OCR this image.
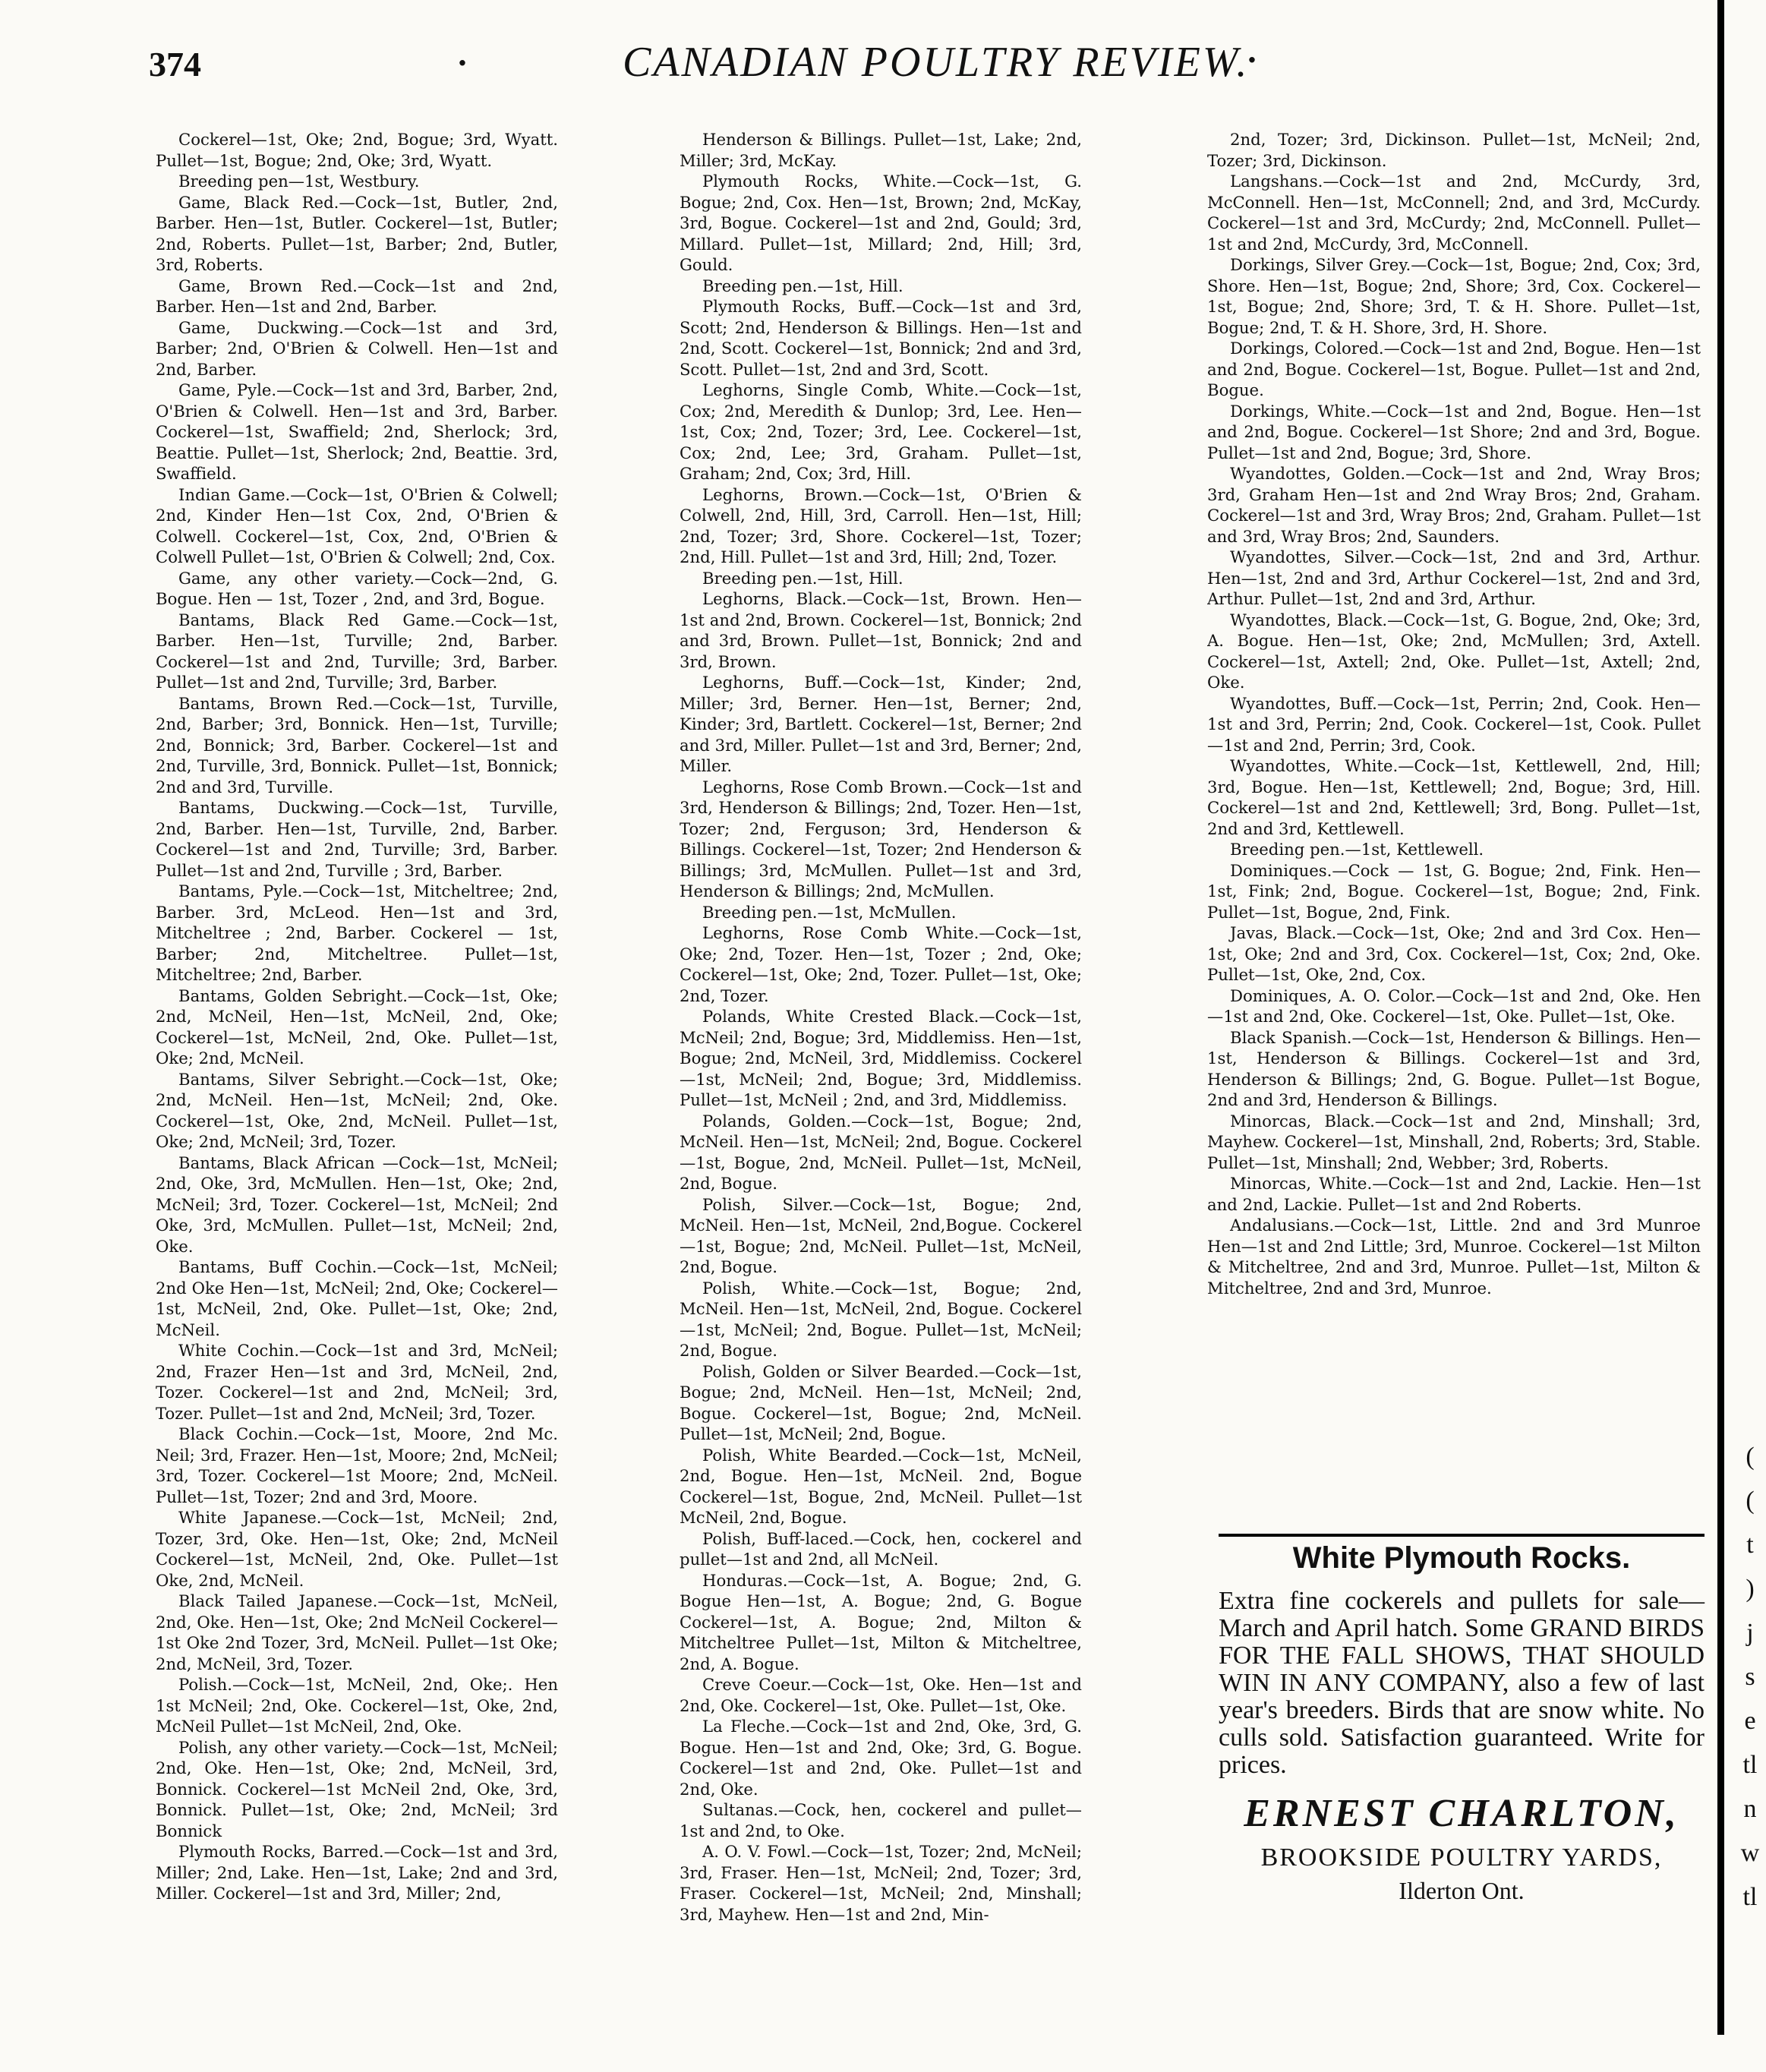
374	·	CANADIAN POULTRY REVIEW.
·

Cockerel—1st, Oke; 2nd, Bogue; 3rd, Wyatt. Pullet—1st, Bogue; 2nd, Oke; 3rd, Wyatt.

Breeding pen—1st, Westbury.

Game, Black Red.—Cock—1st, Butler, 2nd, Barber. Hen—1st, Butler. Cockerel—1st, Butler; 2nd, Roberts. Pullet—1st, Barber; 2nd, Butler, 3rd, Roberts.

Game, Brown Red.—Cock—1st and 2nd, Barber. Hen—1st and 2nd, Barber.

Game, Duckwing.—Cock—1st and 3rd, Barber; 2nd, O'Brien & Colwell. Hen—1st and 2nd, Barber.

Game, Pyle.—Cock—1st and 3rd, Barber, 2nd, O'Brien & Colwell. Hen—1st and 3rd, Barber. Cockerel—1st, Swaffield; 2nd, Sherlock; 3rd, Beattie. Pullet—1st, Sherlock; 2nd, Beattie. 3rd, Swaffield.

Indian Game.—Cock—1st, O'Brien & Colwell; 2nd, Kinder Hen—1st Cox, 2nd, O'Brien & Colwell. Cockerel—1st, Cox, 2nd, O'Brien & Colwell Pullet—1st, O'Brien & Colwell; 2nd, Cox.

Game, any other variety.—Cock—2nd, G. Bogue. Hen — 1st, Tozer , 2nd, and 3rd, Bogue.

Bantams, Black Red Game.—Cock—1st, Barber. Hen—1st, Turville; 2nd, Barber. Cockerel—1st and 2nd, Turville; 3rd, Barber. Pullet—1st and 2nd, Turville; 3rd, Barber.

Bantams, Brown Red.—Cock—1st, Turville, 2nd, Barber; 3rd, Bonnick. Hen—1st, Turville; 2nd, Bonnick; 3rd, Barber. Cockerel—1st and 2nd, Turville, 3rd, Bonnick. Pullet—1st, Bonnick; 2nd and 3rd, Turville.

Bantams, Duckwing.—Cock—1st, Turville, 2nd, Barber. Hen—1st, Turville, 2nd, Barber. Cockerel—1st and 2nd, Turville; 3rd, Barber. Pullet—1st and 2nd, Turville ; 3rd, Barber.

Bantams, Pyle.—Cock—1st, Mitcheltree; 2nd, Barber. 3rd, McLeod. Hen—1st and 3rd, Mitcheltree ; 2nd, Barber. Cockerel — 1st, Barber; 2nd, Mitcheltree. Pullet—1st, Mitcheltree; 2nd, Barber.

Bantams, Golden Sebright.—Cock—1st, Oke; 2nd, McNeil, Hen—1st, McNeil, 2nd, Oke; Cockerel—1st, McNeil, 2nd, Oke. Pullet—1st, Oke; 2nd, McNeil.

Bantams, Silver Sebright.—Cock—1st, Oke; 2nd, McNeil. Hen—1st, McNeil; 2nd, Oke. Cockerel—1st, Oke, 2nd, McNeil. Pullet—1st, Oke; 2nd, McNeil; 3rd, Tozer.

Bantams, Black African —Cock—1st, McNeil; 2nd, Oke, 3rd, McMullen. Hen—1st, Oke; 2nd, McNeil; 3rd, Tozer. Cockerel—1st, McNeil; 2nd Oke, 3rd, McMullen. Pullet—1st, McNeil; 2nd, Oke.

Bantams, Buff Cochin.—Cock—1st, McNeil; 2nd Oke Hen—1st, McNeil; 2nd, Oke; Cockerel—1st, McNeil, 2nd, Oke. Pullet—1st, Oke; 2nd, McNeil.

White Cochin.—Cock—1st and 3rd, McNeil; 2nd, Frazer Hen—1st and 3rd, McNeil, 2nd, Tozer. Cockerel—1st and 2nd, McNeil; 3rd, Tozer. Pullet—1st and 2nd, McNeil; 3rd, Tozer.

Black Cochin.—Cock—1st, Moore, 2nd Mc. Neil; 3rd, Frazer. Hen—1st, Moore; 2nd, McNeil; 3rd, Tozer. Cockerel—1st Moore; 2nd, McNeil. Pullet—1st, Tozer; 2nd and 3rd, Moore.

White Japanese.—Cock—1st, McNeil; 2nd, Tozer, 3rd, Oke. Hen—1st, Oke; 2nd, McNeil Cockerel—1st, McNeil, 2nd, Oke. Pullet—1st Oke, 2nd, McNeil.

Black Tailed Japanese.—Cock—1st, McNeil, 2nd, Oke. Hen—1st, Oke; 2nd McNeil Cockerel—1st Oke 2nd Tozer, 3rd, McNeil. Pullet—1st Oke; 2nd, McNeil, 3rd, Tozer.

Polish.—Cock—1st, McNeil, 2nd, Oke;. Hen 1st McNeil; 2nd, Oke. Cockerel—1st, Oke, 2nd, McNeil Pullet—1st McNeil, 2nd, Oke.

Polish, any other variety.—Cock—1st, McNeil; 2nd, Oke. Hen—1st, Oke; 2nd, McNeil, 3rd, Bonnick. Cockerel—1st McNeil 2nd, Oke, 3rd, Bonnick. Pullet—1st, Oke; 2nd, McNeil; 3rd Bonnick

Plymouth Rocks, Barred.—Cock—1st and 3rd, Miller; 2nd, Lake. Hen—1st, Lake; 2nd and 3rd, Miller. Cockerel—1st and 3rd, Miller; 2nd,

Henderson & Billings. Pullet—1st, Lake; 2nd, Miller; 3rd, McKay.

Plymouth Rocks, White.—Cock—1st, G. Bogue; 2nd, Cox. Hen—1st, Brown; 2nd, McKay, 3rd, Bogue. Cockerel—1st and 2nd, Gould; 3rd, Millard. Pullet—1st, Millard; 2nd, Hill; 3rd, Gould.

Breeding pen.—1st, Hill.

Plymouth Rocks, Buff.—Cock—1st and 3rd, Scott; 2nd, Henderson & Billings. Hen—1st and 2nd, Scott. Cockerel—1st, Bonnick; 2nd and 3rd, Scott. Pullet—1st, 2nd and 3rd, Scott.

Leghorns, Single Comb, White.—Cock—1st, Cox; 2nd, Meredith & Dunlop; 3rd, Lee. Hen—1st, Cox; 2nd, Tozer; 3rd, Lee. Cockerel—1st, Cox; 2nd, Lee; 3rd, Graham. Pullet—1st, Graham; 2nd, Cox; 3rd, Hill.

Leghorns, Brown.—Cock—1st, O'Brien & Colwell, 2nd, Hill, 3rd, Carroll. Hen—1st, Hill; 2nd, Tozer; 3rd, Shore. Cockerel—1st, Tozer; 2nd, Hill. Pullet—1st and 3rd, Hill; 2nd, Tozer.

Breeding pen.—1st, Hill.

Leghorns, Black.—Cock—1st, Brown. Hen—1st and 2nd, Brown. Cockerel—1st, Bonnick; 2nd and 3rd, Brown. Pullet—1st, Bonnick; 2nd and 3rd, Brown.

Leghorns, Buff.—Cock—1st, Kinder; 2nd, Miller; 3rd, Berner. Hen—1st, Berner; 2nd, Kinder; 3rd, Bartlett. Cockerel—1st, Berner; 2nd and 3rd, Miller. Pullet—1st and 3rd, Berner; 2nd, Miller.

Leghorns, Rose Comb Brown.—Cock—1st and 3rd, Henderson & Billings; 2nd, Tozer. Hen—1st, Tozer; 2nd, Ferguson; 3rd, Henderson & Billings. Cockerel—1st, Tozer; 2nd Henderson & Billings; 3rd, McMullen. Pullet—1st and 3rd, Henderson & Billings; 2nd, McMullen.

Breeding pen.—1st, McMullen.

Leghorns, Rose Comb White.—Cock—1st, Oke; 2nd, Tozer. Hen—1st, Tozer ; 2nd, Oke; Cockerel—1st, Oke; 2nd, Tozer. Pullet—1st, Oke; 2nd, Tozer.

Polands, White Crested Black.—Cock—1st, McNeil; 2nd, Bogue; 3rd, Middlemiss. Hen—1st, Bogue; 2nd, McNeil, 3rd, Middlemiss. Cockerel—1st, McNeil; 2nd, Bogue; 3rd, Middlemiss. Pullet—1st, McNeil ; 2nd, and 3rd, Middlemiss.

Polands, Golden.—Cock—1st, Bogue; 2nd, McNeil. Hen—1st, McNeil; 2nd, Bogue. Cockerel—1st, Bogue, 2nd, McNeil. Pullet—1st, McNeil, 2nd, Bogue.

Polish, Silver.—Cock—1st, Bogue; 2nd, McNeil. Hen—1st, McNeil, 2nd,Bogue. Cockerel—1st, Bogue; 2nd, McNeil. Pullet—1st, McNeil, 2nd, Bogue.

Polish, White.—Cock—1st, Bogue; 2nd, McNeil. Hen—1st, McNeil, 2nd, Bogue. Cockerel—1st, McNeil; 2nd, Bogue. Pullet—1st, McNeil; 2nd, Bogue.

Polish, Golden or Silver Bearded.—Cock—1st, Bogue; 2nd, McNeil. Hen—1st, McNeil; 2nd, Bogue. Cockerel—1st, Bogue; 2nd, McNeil. Pullet—1st, McNeil; 2nd, Bogue.

Polish, White Bearded.—Cock—1st, McNeil, 2nd, Bogue. Hen—1st, McNeil. 2nd, Bogue Cockerel—1st, Bogue, 2nd, McNeil. Pullet—1st McNeil, 2nd, Bogue.

Polish, Buff-laced.—Cock, hen, cockerel and pullet—1st and 2nd, all McNeil.

Honduras.—Cock—1st, A. Bogue; 2nd, G. Bogue Hen—1st, A. Bogue; 2nd, G. Bogue Cockerel—1st, A. Bogue; 2nd, Milton & Mitcheltree Pullet—1st, Milton & Mitcheltree, 2nd, A. Bogue.

Creve Coeur.—Cock—1st, Oke. Hen—1st and 2nd, Oke. Cockerel—1st, Oke. Pullet—1st, Oke.

La Fleche.—Cock—1st and 2nd, Oke, 3rd, G. Bogue. Hen—1st and 2nd, Oke; 3rd, G. Bogue. Cockerel—1st and 2nd, Oke. Pullet—1st and 2nd, Oke.

Sultanas.—Cock, hen, cockerel and pullet—1st and 2nd, to Oke.

A. O. V. Fowl.—Cock—1st, Tozer; 2nd, McNeil; 3rd, Fraser. Hen—1st, McNeil; 2nd, Tozer; 3rd, Fraser. Cockerel—1st, McNeil; 2nd, Minshall; 3rd, Mayhew. Hen—1st and 2nd, Min-

2nd, Tozer; 3rd, Dickinson. Pullet—1st, McNeil; 2nd, Tozer; 3rd, Dickinson.

Langshans.—Cock—1st and 2nd, McCurdy, 3rd, McConnell. Hen—1st, McConnell; 2nd, and 3rd, McCurdy. Cockerel—1st and 3rd, McCurdy; 2nd, McConnell. Pullet—1st and 2nd, McCurdy, 3rd, McConnell.

Dorkings, Silver Grey.—Cock—1st, Bogue; 2nd, Cox; 3rd, Shore. Hen—1st, Bogue; 2nd, Shore; 3rd, Cox. Cockerel—1st, Bogue; 2nd, Shore; 3rd, T. & H. Shore. Pullet—1st, Bogue; 2nd, T. & H. Shore, 3rd, H. Shore.

Dorkings, Colored.—Cock—1st and 2nd, Bogue. Hen—1st and 2nd, Bogue. Cockerel—1st, Bogue. Pullet—1st and 2nd, Bogue.

Dorkings, White.—Cock—1st and 2nd, Bogue. Hen—1st and 2nd, Bogue. Cockerel—1st Shore; 2nd and 3rd, Bogue. Pullet—1st and 2nd, Bogue; 3rd, Shore.

Wyandottes, Golden.—Cock—1st and 2nd, Wray Bros; 3rd, Graham Hen—1st and 2nd Wray Bros; 2nd, Graham. Cockerel—1st and 3rd, Wray Bros; 2nd, Graham. Pullet—1st and 3rd, Wray Bros; 2nd, Saunders.

Wyandottes, Silver.—Cock—1st, 2nd and 3rd, Arthur. Hen—1st, 2nd and 3rd, Arthur Cockerel—1st, 2nd and 3rd, Arthur. Pullet—1st, 2nd and 3rd, Arthur.

Wyandottes, Black.—Cock—1st, G. Bogue, 2nd, Oke; 3rd, A. Bogue. Hen—1st, Oke; 2nd, McMullen; 3rd, Axtell. Cockerel—1st, Axtell; 2nd, Oke. Pullet—1st, Axtell; 2nd, Oke.

Wyandottes, Buff.—Cock—1st, Perrin; 2nd, Cook. Hen—1st and 3rd, Perrin; 2nd, Cook. Cockerel—1st, Cook. Pullet—1st and 2nd, Perrin; 3rd, Cook.

Wyandottes, White.—Cock—1st, Kettlewell, 2nd, Hill; 3rd, Bogue. Hen—1st, Kettlewell; 2nd, Bogue; 3rd, Hill. Cockerel—1st and 2nd, Kettlewell; 3rd, Bong. Pullet—1st, 2nd and 3rd, Kettlewell.

Breeding pen.—1st, Kettlewell.

Dominiques.—Cock — 1st, G. Bogue; 2nd, Fink. Hen—1st, Fink; 2nd, Bogue. Cockerel—1st, Bogue; 2nd, Fink. Pullet—1st, Bogue, 2nd, Fink.

Javas, Black.—Cock—1st, Oke; 2nd and 3rd Cox. Hen—1st, Oke; 2nd and 3rd, Cox. Cockerel—1st, Cox; 2nd, Oke. Pullet—1st, Oke, 2nd, Cox.

Dominiques, A. O. Color.—Cock—1st and 2nd, Oke. Hen—1st and 2nd, Oke. Cockerel—1st, Oke. Pullet—1st, Oke.

Black Spanish.—Cock—1st, Henderson & Billings. Hen—1st, Henderson & Billings. Cockerel—1st and 3rd, Henderson & Billings; 2nd, G. Bogue. Pullet—1st Bogue, 2nd and 3rd, Henderson & Billings.

Minorcas, Black.—Cock—1st and 2nd, Minshall; 3rd, Mayhew. Cockerel—1st, Minshall, 2nd, Roberts; 3rd, Stable. Pullet—1st, Minshall; 2nd, Webber; 3rd, Roberts.

Minorcas, White.—Cock—1st and 2nd, Lackie. Hen—1st and 2nd, Lackie. Pullet—1st and 2nd Roberts.

Andalusians.—Cock—1st, Little. 2nd and 3rd Munroe Hen—1st and 2nd Little; 3rd, Munroe. Cockerel—1st Milton & Mitcheltree, 2nd and 3rd, Munroe. Pullet—1st, Milton & Mitcheltree, 2nd and 3rd, Munroe.

White Plymouth Rocks.

Extra fine cockerels and pullets for sale—March and April hatch. Some GRAND BIRDS FOR THE FALL SHOWS, THAT SHOULD WIN IN ANY COMPANY, also a few of last year's breeders. Birds that are snow white. No culls sold. Satisfaction guaranteed. Write for prices.

ERNEST CHARLTON,

BROOKSIDE POULTRY YARDS,

Ilderton Ont.

(
(
t
)
j
s
e
tl
n
w
tl
